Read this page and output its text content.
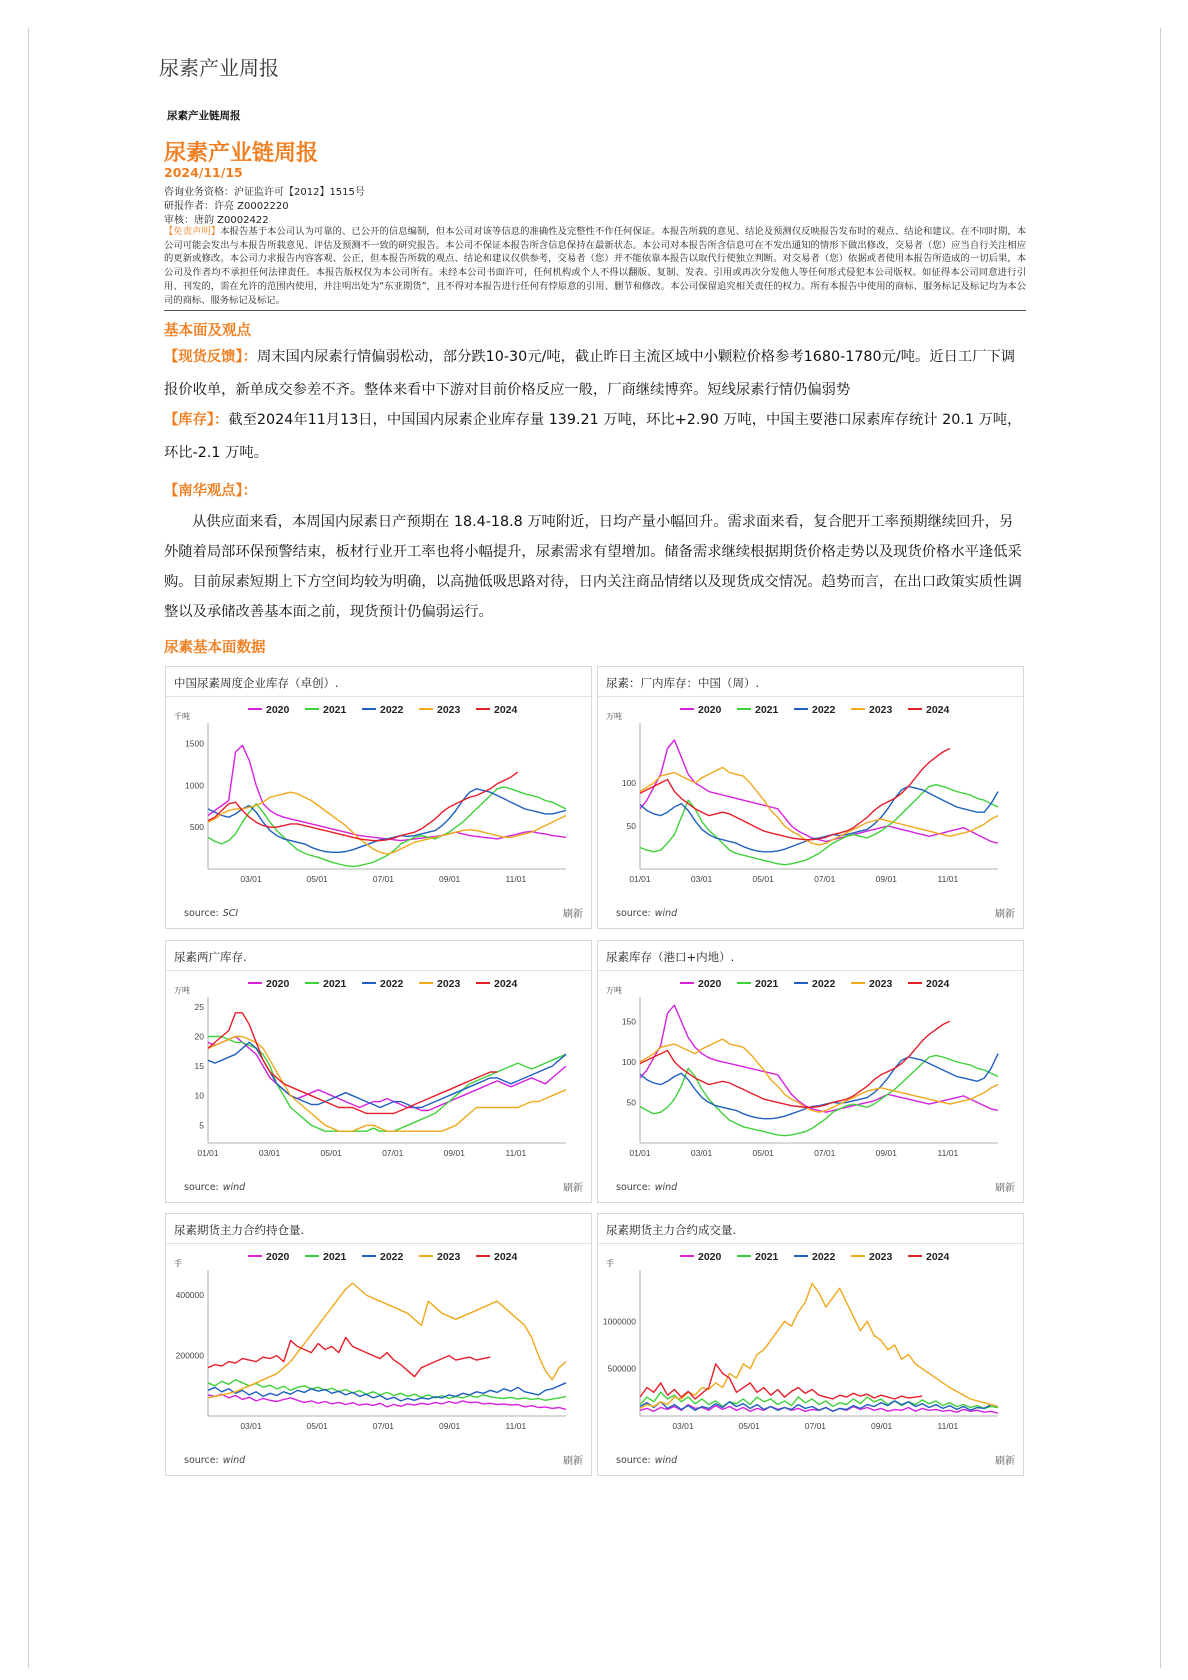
尿素产业周报
尿素产业链周报
尿素产业链周报
2024/11/15
咨询业务资格：沪证监许可【2012】1515号
研报作者：许亮 Z0002220
审核：唐韵 Z0002422
【免责声明】本报告基于本公司认为可靠的、已公开的信息编制，但本公司对该等信息的准确性及完整性不作任何保证。本报告所载的意见、结论及预测仅反映报告发布时的观点、结论和建议。在不同时期，本公司可能会发出与本报告所载意见、评估及预测不一致的研究报告。本公司不保证本报告所含信息保持在最新状态。本公司对本报告所含信息可在不发出通知的情形下做出修改，交易者（您）应当自行关注相应的更新或修改。本公司力求报告内容客观、公正，但本报告所载的观点、结论和建议仅供参考，交易者（您）并不能依靠本报告以取代行使独立判断。对交易者（您）依据或者使用本报告所造成的一切后果，本公司及作者均不承担任何法律责任。本报告版权仅为本公司所有。未经本公司书面许可，任何机构或个人不得以翻版、复制、发表、引用或再次分发他人等任何形式侵犯本公司版权。如征得本公司同意进行引用、刊发的，需在允许的范围内使用，并注明出处为“东亚期货”，且不得对本报告进行任何有悖原意的引用、删节和修改。本公司保留追究相关责任的权力。所有本报告中使用的商标、服务标记及标记均为本公司的商标、服务标记及标记。
基本面及观点
【现货反馈】：周末国内尿素行情偏弱松动，部分跌10-30元/吨，截止昨日主流区域中小颗粒价格参考1680-1780元/吨。近日工厂下调报价收单，新单成交参差不齐。整体来看中下游对目前价格反应一般，厂商继续博弈。短线尿素行情仍偏弱势
【库存】：截至2024年11月13日，中国国内尿素企业库存量 139.21 万吨，环比+2.90 万吨，中国主要港口尿素库存统计 20.1 万吨，环比-2.1 万吨。
【南华观点】：
从供应面来看，本周国内尿素日产预期在 18.4-18.8 万吨附近，日均产量小幅回升。需求面来看，复合肥开工率预期继续回升，另外随着局部环保预警结束，板材行业开工率也将小幅提升，尿素需求有望增加。储备需求继续根据期货价格走势以及现货价格水平逢低采购。目前尿素短期上下方空间均较为明确，以高抛低吸思路对待，日内关注商品情绪以及现货成交情况。趋势而言，在出口政策实质性调整以及承储改善基本面之前，现货预计仍偏弱运行。
尿素基本面数据
中国尿素周度企业库存（卓创）.
2020	2021	2022	2023	2024
千吨
500
1000
1500
03/01	05/01	07/01	09/01	11/01
source: SCI	刷新
尿素：厂内库存：中国（周）.
2020	2021	2022	2023	2024
万吨
50
100
01/01	03/01	05/01	07/01	09/01	11/01
source: wind	刷新
尿素两广库存.
2020	2021	2022	2023	2024
万吨
5
10
15
20
25
01/01	03/01	05/01	07/01	09/01	11/01
source: wind	刷新
尿素库存（港口+内地）.
2020	2021	2022	2023	2024
万吨
50
100
150
01/01	03/01	05/01	07/01	09/01	11/01
source: wind	刷新
尿素期货主力合约持仓量.
2020	2021	2022	2023	2024
手
200000
400000
03/01	05/01	07/01	09/01	11/01
source: wind	刷新
尿素期货主力合约成交量.
2020	2021	2022	2023	2024
手
500000
1000000
03/01	05/01	07/01	09/01	11/01
source: wind	刷新
